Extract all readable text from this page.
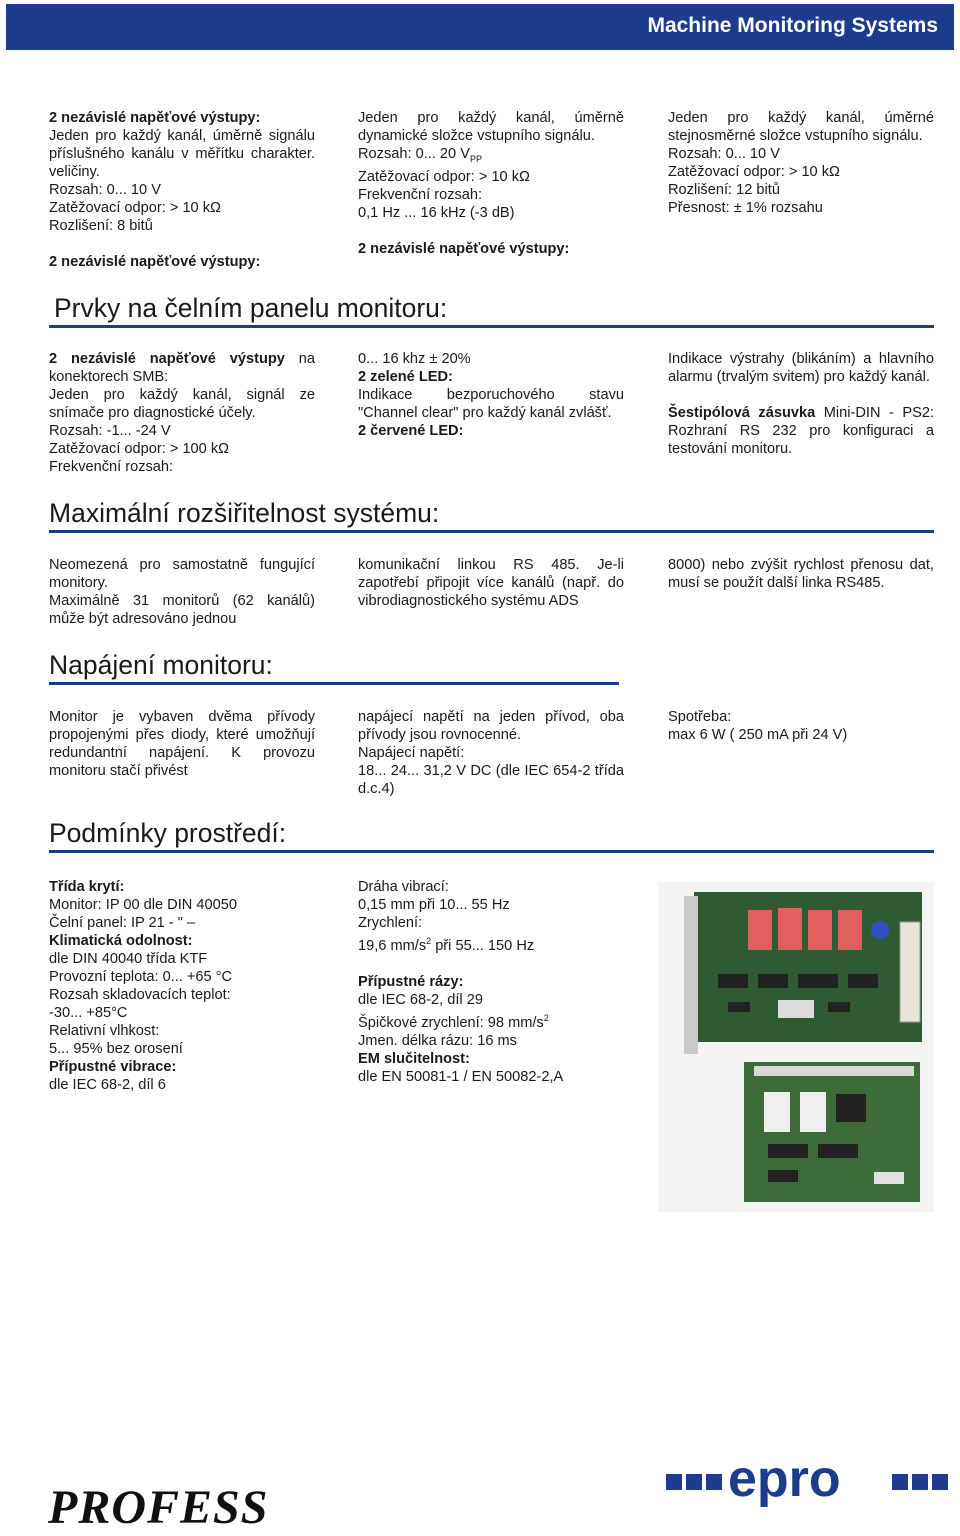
Machine Monitoring Systems

2 nezávislé napěťové výstupy:

Jeden pro každý kanál, úměrně signálu příslušného kanálu v měřítku charakter. veličiny.

Rozsah: 0... 10 V

Zatěžovací odpor: > 10 kΩ

Rozlišení: 8 bitů

2 nezávislé napěťové výstupy:

Jeden pro každý kanál, úměrně dynamické složce vstupního signálu.

Rozsah: 0... 20 $V_{PP}$

Zatěžovací odpor: > 10 kΩ

Frekvenční rozsah:

0,1 Hz ... 16 kHz (-3 dB)

2 nezávislé napěťové výstupy:

Jeden pro každý kanál, úměrné stejnosměrné složce vstupního signálu.

Rozsah: 0... 10 V

Zatěžovací odpor: > 10 kΩ

Rozlišení: 12 bitů

Přesnost: ± 1% rozsahu

Prvky na čelním panelu monitoru:

2 nezávislé napěťové výstupy na konektorech SMB:

Jeden pro každý kanál, signál ze snímače pro diagnostické účely.

Rozsah: -1... -24 V

Zatěžovací odpor: > 100 kΩ

Frekvenční rozsah:

0... 16 khz ± 20%

2 zelené LED:

Indikace bezporuchového stavu "Channel clear" pro každý kanál zvlášť.

2 červené LED:

Indikace výstrahy (blikáním) a hlavního alarmu (trvalým svitem) pro každý kanál.

Šestipólová zásuvka Mini-DIN - PS2: Rozhraní RS 232 pro konfiguraci a testování monitoru.

Maximální rozšiřitelnost systému:

Neomezená pro samostatně fungující monitory.

Maximálně 31 monitorů (62 kanálů) může být adresováno jednou

komunikační linkou RS 485. Je-li zapotřebí připojit více kanálů (např. do vibrodiagnostického systému ADS

8000) nebo zvýšit rychlost přenosu dat, musí se použít další linka RS485.

Napájení monitoru:

Monitor je vybaven dvěma přívody propojenými přes diody, které umožňují redundantní napájení. K provozu monitoru stačí přivést

napájecí napětí na jeden přívod, oba přívody jsou rovnocenné.

Napájecí napětí:

18... 24... 31,2 V DC (dle IEC 654-2 třída d.c.4)

Spotřeba:

max 6 W ( 250 mA při 24 V)

Podmínky prostředí:

Třída krytí:

Monitor: IP 00 dle DIN 40050

Čelní panel: IP 21 - " –

Klimatická odolnost:

dle DIN 40040 třída KTF

Provozní teplota: 0... +65 °C

Rozsah skladovacích teplot:

-30... +85°C

Relativní vlhkost:

5... 95% bez orosení

Přípustné vibrace:

dle IEC 68-2, díl 6

Dráha vibrací:

0,15 mm při 10... 55 Hz

Zrychlení:

19,6 $mm/s^2$ při 55... 150 Hz

Přípustné rázy:

dle IEC 68-2, díl 29

Špičkové zrychlení: 98 $mm/s^2$

Jmen. délka rázu: 16 ms

EM slučitelnost:

dle EN 50081-1 / EN 50082-2,A

PROFESS	epro
